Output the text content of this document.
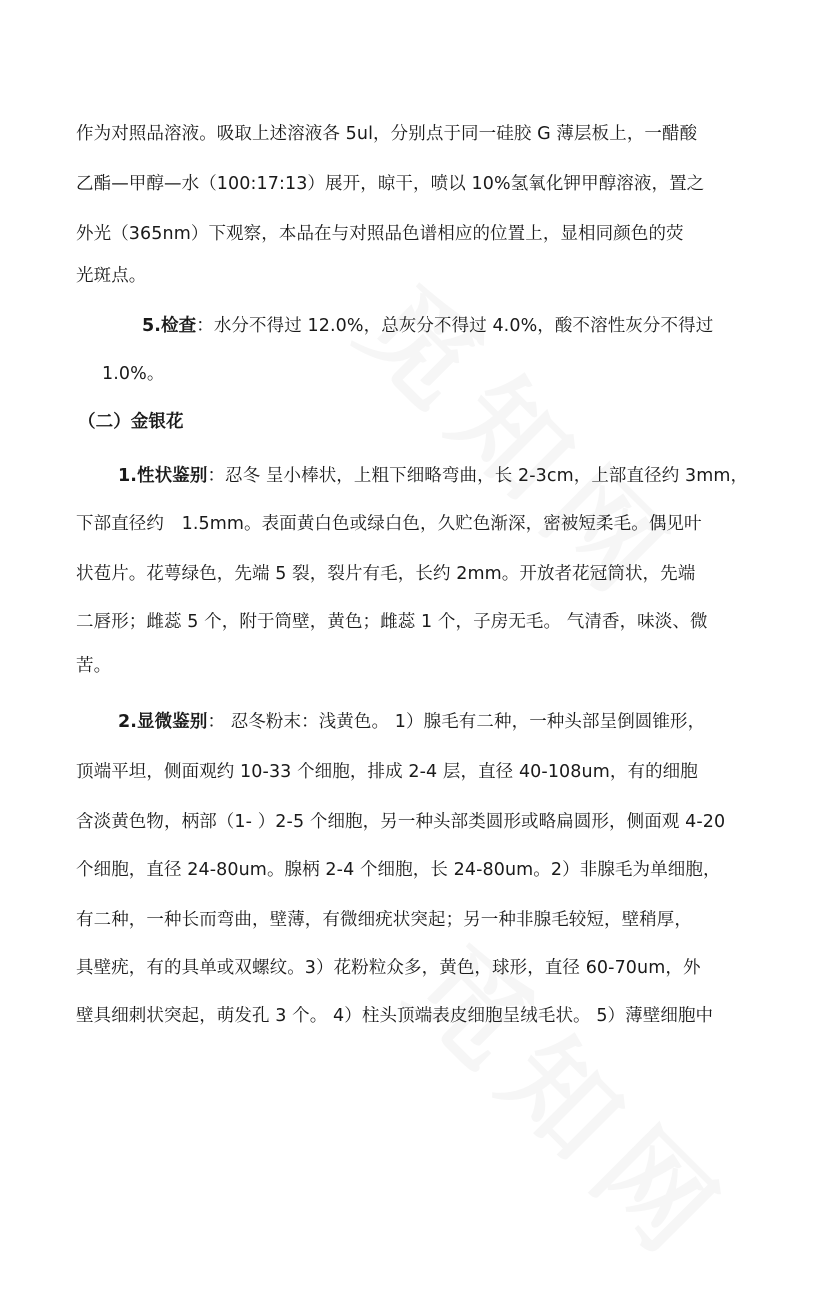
作为对照品溶液。吸取上述溶液各 5ul，分别点于同一硅胶 G 薄层板上，一醋酸
乙酯—甲醇—水（100:17:13）展开，晾干，喷以 10%氢氧化钾甲醇溶液，置之
外光（365nm）下观察，本品在与对照品色谱相应的位置上，显相同颜色的荧
光斑点。
5.检查：水分不得过 12.0%，总灰分不得过 4.0%，酸不溶性灰分不得过
1.0%。
（二）金银花
1.性状鉴别：忍冬 呈小棒状，上粗下细略弯曲，长 2-3cm，上部直径约 3mm，
下部直径约　1.5mm。表面黄白色或绿白色，久贮色渐深，密被短柔毛。偶见叶
状苞片。花萼绿色，先端 5 裂，裂片有毛，长约 2mm。开放者花冠筒状，先端
二唇形；雌蕊 5 个，附于筒壁，黄色；雌蕊 1 个，子房无毛。 气清香，味淡、微
苦。
2.显微鉴别： 忍冬粉末：浅黄色。 1）腺毛有二种，一种头部呈倒圆锥形，
顶端平坦，侧面观约 10-33 个细胞，排成 2-4 层，直径 40-108um，有的细胞
含淡黄色物，柄部（1- ）2-5 个细胞，另一种头部类圆形或略扁圆形，侧面观 4-20
个细胞，直径 24-80um。腺柄 2-4 个细胞，长 24-80um。2）非腺毛为单细胞，
有二种，一种长而弯曲，壁薄，有微细疣状突起；另一种非腺毛较短，壁稍厚，
具壁疣，有的具单或双螺纹。3）花粉粒众多，黄色，球形，直径 60-70um，外
壁具细刺状突起，萌发孔 3 个。 4）柱头顶端表皮细胞呈绒毛状。 5）薄壁细胞中
